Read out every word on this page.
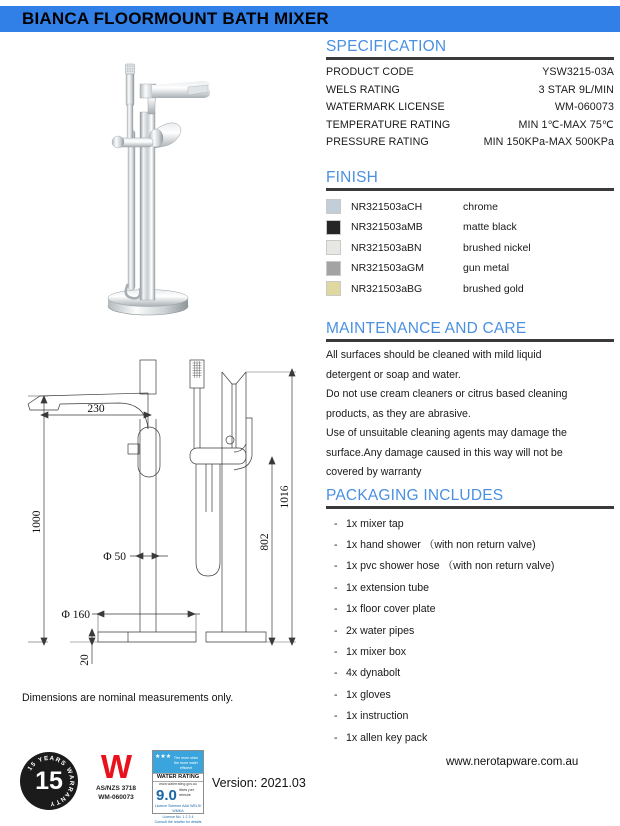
BIANCA FLOORMOUNT BATH MIXER
230
1000
Φ 50
Φ 160
20
1016
802
Dimensions are nominal measurements only.
15 YEARS WARRANTY
15	W
AS/NZS 3718
WM-060073
★★★ The more stars the more water efficient
WATER RATING
www.waterrating.gov.au
9.0 litres per minute
Licence Scheme AAA WELS/ WMKA
Licence No. 1 2 3 4
Consult the retailer for details
Version: 2021.03
SPECIFICATION
PRODUCT CODE	YSW3215-03A
WELS RATING	3 STAR 9L/MIN
WATERMARK LICENSE	WM-060073
TEMPERATURE RATING	MIN 1℃-MAX 75℃
PRESSURE RATING	MIN 150KPa-MAX 500KPa
FINISH
NR321503aCH	chrome
NR321503aMB	matte black
NR321503aBN	brushed nickel
NR321503aGM	gun metal
NR321503aBG	brushed gold
MAINTENANCE AND CARE
All surfaces should be cleaned with mild liquid
detergent or soap and water.
Do not use cream cleaners or citrus based cleaning
products, as they are abrasive.
Use of unsuitable cleaning agents may damage the
surface.Any damage caused in this way will not be
covered by warranty
PACKAGING INCLUDES
- 1x mixer tap
- 1x hand shower （with non return valve)
- 1x pvc shower hose （with non return valve)
- 1x extension tube
- 1x floor cover plate
- 2x water pipes
- 1x mixer box
- 4x dynabolt
- 1x gloves
- 1x instruction
- 1x allen key pack
www.nerotapware.com.au
